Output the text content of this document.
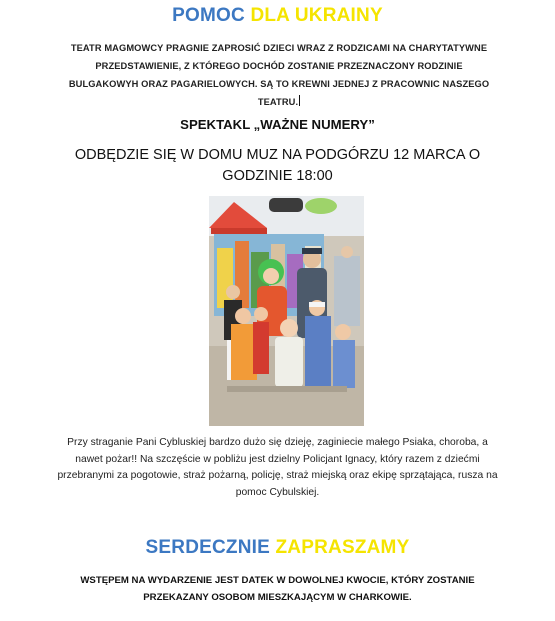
POMOC DLA UKRAINY
TEATR MAGMOWCY PRAGNIE ZAPROSIĆ DZIECI WRAZ Z RODZICAMI NA CHARYTATYWNE PRZEDSTAWIENIE, Z KTÓREGO DOCHÓD ZOSTANIE PRZEZNACZONY RODZINIE BULGAKOWYH ORAZ PAGARIELOWYCH. SĄ TO KREWNI JEDNEJ Z PRACOWNIC NASZEGO TEATRU.
SPEKTAKL „WAŻNE NUMERY”
ODBĘDZIE SIĘ W DOMU MUZ NA PODGÓRZU 12 MARCA O GODZINIE 18:00
Przy straganie Pani Cybluskiej bardzo dużo się dzieję, zaginiecie małego Psiaka, choroba, a nawet pożar!! Na szczęście w pobliżu jest dzielny Policjant Ignacy, który razem z dziećmi przebranymi za pogotowie, straż pożarną, policję, straż miejską oraz ekipę sprzątająca, rusza na pomoc Cybulskiej.
SERDECZNIE ZAPRASZAMY
WSTĘPEM NA WYDARZENIE JEST DATEK W DOWOLNEJ KWOCIE, KTÓRY ZOSTANIE PRZEKAZANY OSOBOM MIESZKAJĄCYM W CHARKOWIE.
